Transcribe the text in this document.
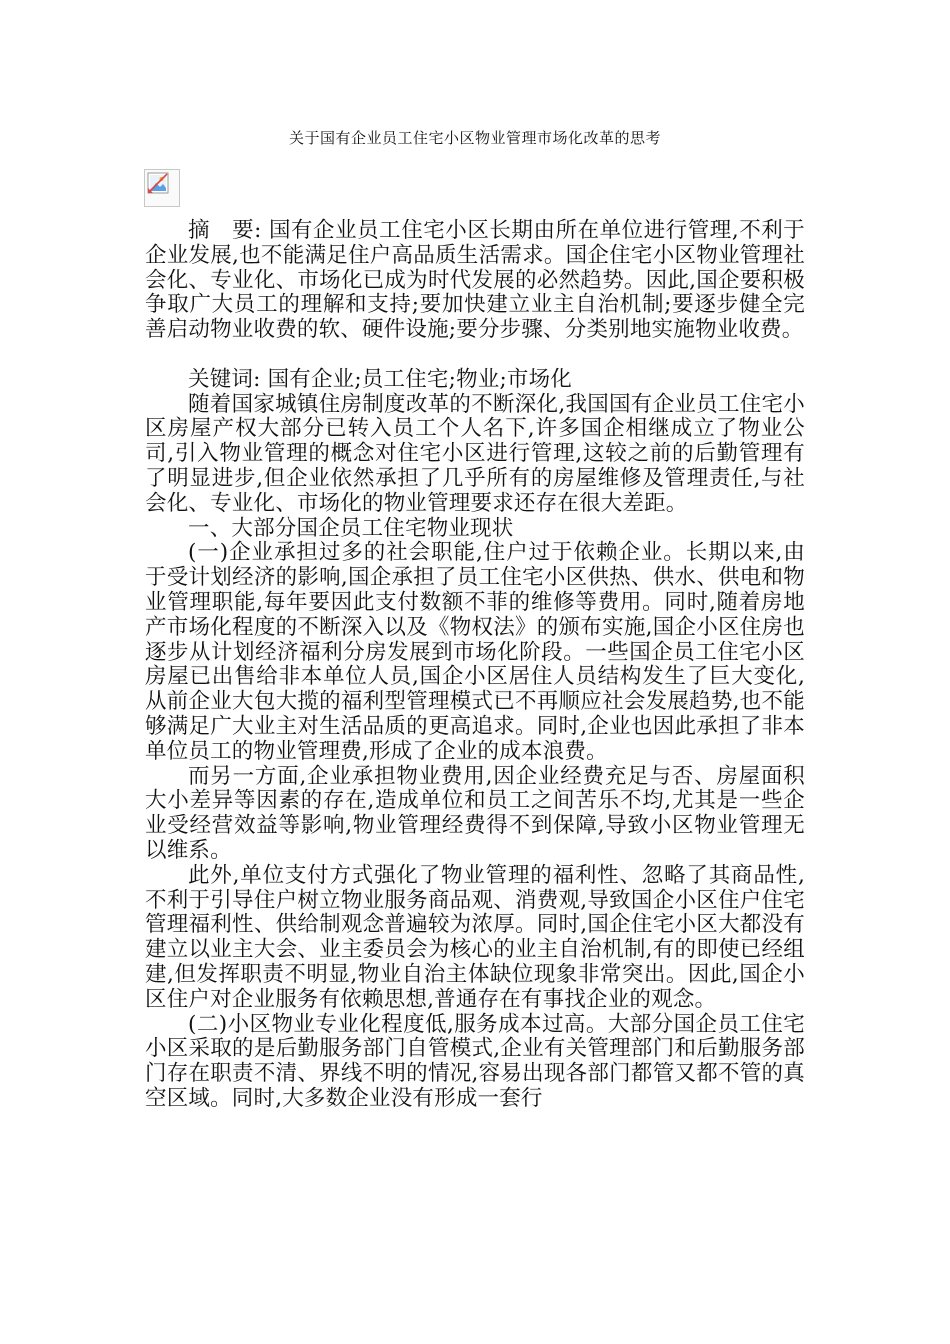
关于国有企业员工住宅小区物业管理市场化改革的思考

摘　要: 国有企业员工住宅小区长期由所在单位进行管理,不利于企业发展,也不能满足住户高品质生活需求。国企住宅小区物业管理社会化、专业化、市场化已成为时代发展的必然趋势。因此,国企要积极争取广大员工的理解和支持;要加快建立业主自治机制;要逐步健全完善启动物业收费的软、硬件设施;要分步骤、分类别地实施物业收费。

关键词: 国有企业;员工住宅;物业;市场化

随着国家城镇住房制度改革的不断深化,我国国有企业员工住宅小区房屋产权大部分已转入员工个人名下,许多国企相继成立了物业公司,引入物业管理的概念对住宅小区进行管理,这较之前的后勤管理有了明显进步,但企业依然承担了几乎所有的房屋维修及管理责任,与社会化、专业化、市场化的物业管理要求还存在很大差距。

一、大部分国企员工住宅物业现状

(一)企业承担过多的社会职能,住户过于依赖企业。长期以来,由于受计划经济的影响,国企承担了员工住宅小区供热、供水、供电和物业管理职能,每年要因此支付数额不菲的维修等费用。同时,随着房地产市场化程度的不断深入以及《物权法》的颁布实施,国企小区住房也逐步从计划经济福利分房发展到市场化阶段。一些国企员工住宅小区房屋已出售给非本单位人员,国企小区居住人员结构发生了巨大变化,从前企业大包大揽的福利型管理模式已不再顺应社会发展趋势,也不能够满足广大业主对生活品质的更高追求。同时,企业也因此承担了非本单位员工的物业管理费,形成了企业的成本浪费。

而另一方面,企业承担物业费用,因企业经费充足与否、房屋面积大小差异等因素的存在,造成单位和员工之间苦乐不均,尤其是一些企业受经营效益等影响,物业管理经费得不到保障,导致小区物业管理无以维系。

此外,单位支付方式强化了物业管理的福利性、忽略了其商品性,不利于引导住户树立物业服务商品观、消费观,导致国企小区住户住宅管理福利性、供给制观念普遍较为浓厚。同时,国企住宅小区大都没有建立以业主大会、业主委员会为核心的业主自治机制,有的即使已经组建,但发挥职责不明显,物业自治主体缺位现象非常突出。因此,国企小区住户对企业服务有依赖思想,普通存在有事找企业的观念。

(二)小区物业专业化程度低,服务成本过高。大部分国企员工住宅小区采取的是后勤服务部门自管模式,企业有关管理部门和后勤服务部门存在职责不清、界线不明的情况,容易出现各部门都管又都不管的真空区域。同时,大多数企业没有形成一套行
